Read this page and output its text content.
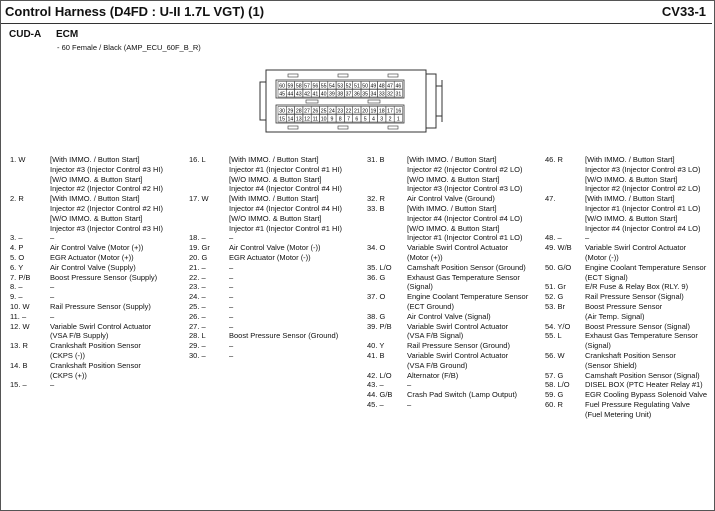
Control Harness (D4FD : U-II 1.7L VGT) (1)	CV33-1
CUD-A ECM
- 60 Female / Black (AMP_ECU_60F_B_R)
60 59 58 57 56 55 54 53 52 51 50 49 48 47 46
45 44 43 42 41 40 39 38 37 36 35 34 33 32 31
30 29 28 27 26 25 24 23 22 21 20 19 18 17 16
15 14 13 12 11 10 9 8 7 6 5 4 3 2 1
1. W	[With IMMO. / Button Start]
Injector #3 (Injector Control #3 HI)
[W/O IMMO. & Button Start]
Injector #2 (Injector Control #2 HI)
2. R	[With IMMO. / Button Start]
Injector #2 (Injector Control #2 HI)
[W/O IMMO. & Button Start]
Injector #3 (Injector Control #3 HI)
3. –	–
4. P	Air Control Valve (Motor (+))
5. O	EGR Actuator (Motor (+))
6. Y	Air Control Valve (Supply)
7. P/B	Boost Pressure Sensor (Supply)
8. –	–
9. –	–
10. W	Rail Pressure Sensor (Supply)
11. –	–
12. W	Variable Swirl Control Actuator
(VSA F/B Supply)
13. R	Crankshaft Position Sensor
(CKPS (-))
14. B	Crankshaft Position Sensor
(CKPS (+))
15. –	–
16. L	[With IMMO. / Button Start]
Injector #1 (Injector Control #1 HI)
[W/O IMMO. & Button Start]
Injector #4 (Injector Control #4 HI)
17. W	[With IMMO. / Button Start]
Injector #4 (Injector Control #4 HI)
[W/O IMMO. & Button Start]
Injector #1 (Injector Control #1 HI)
18. –	–
19. Gr	Air Control Valve (Motor (-))
20. G	EGR Actuator (Motor (-))
21. –	–
22. –	–
23. –	–
24. –	–
25. –	–
26. –	–
27. –	–
28. L	Boost Pressure Sensor (Ground)
29. –	–
30. –	–
31. B	[With IMMO. / Button Start]
Injector #2 (Injector Control #2 LO)
[W/O IMMO. & Button Start]
Injector #3 (Injector Control #3 LO)
32. R	Air Control Valve (Ground)
33. B	[With IMMO. / Button Start]
Injector #4 (Injector Control #4 LO)
[W/O IMMO. & Button Start]
Injector #1 (Injector Control #1 LO)
34. O	Variable Swirl Control Actuator
(Motor (+))
35. L/O	Camshaft Position Sensor (Ground)
36. G	Exhaust Gas Temperature Sensor
(Signal)
37. O	Engine Coolant Temperature Sensor
(ECT Ground)
38. G	Air Control Valve (Signal)
39. P/B	Variable Swirl Control Actuator
(VSA F/B Signal)
40. Y	Rail Pressure Sensor (Ground)
41. B	Variable Swirl Control Actuator
(VSA F/B Ground)
42. L/O	Alternator (F/B)
43. –	–
44. G/B	Crash Pad Switch (Lamp Output)
45. –	–
46. R	[With IMMO. / Button Start]
Injector #3 (Injector Control #3 LO)
[W/O IMMO. & Button Start]
Injector #2 (Injector Control #2 LO)
47.	[With IMMO. / Button Start]
Injector #1 (Injector Control #1 LO)
[W/O IMMO. & Button Start]
Injector #4 (Injector Control #4 LO)
48. –	–
49. W/B	Variable Swirl Control Actuator
(Motor (-))
50. G/O	Engine Coolant Temperature Sensor
(ECT Signal)
51. Gr	E/R Fuse & Relay Box (RLY. 9)
52. G	Rail Pressure Sensor (Signal)
53. Br	Boost Pressure Sensor
(Air Temp. Signal)
54. Y/O	Boost Pressure Sensor (Signal)
55. L	Exhaust Gas Temperature Sensor
(Signal)
56. W	Crankshaft Position Sensor
(Sensor Shield)
57. G	Camshaft Position Sensor (Signal)
58. L/O	DISEL BOX (PTC Heater Relay #1)
59. G	EGR Cooling Bypass Solenoid Valve
60. R	Fuel Pressure Regulating Valve
(Fuel Metering Unit)
